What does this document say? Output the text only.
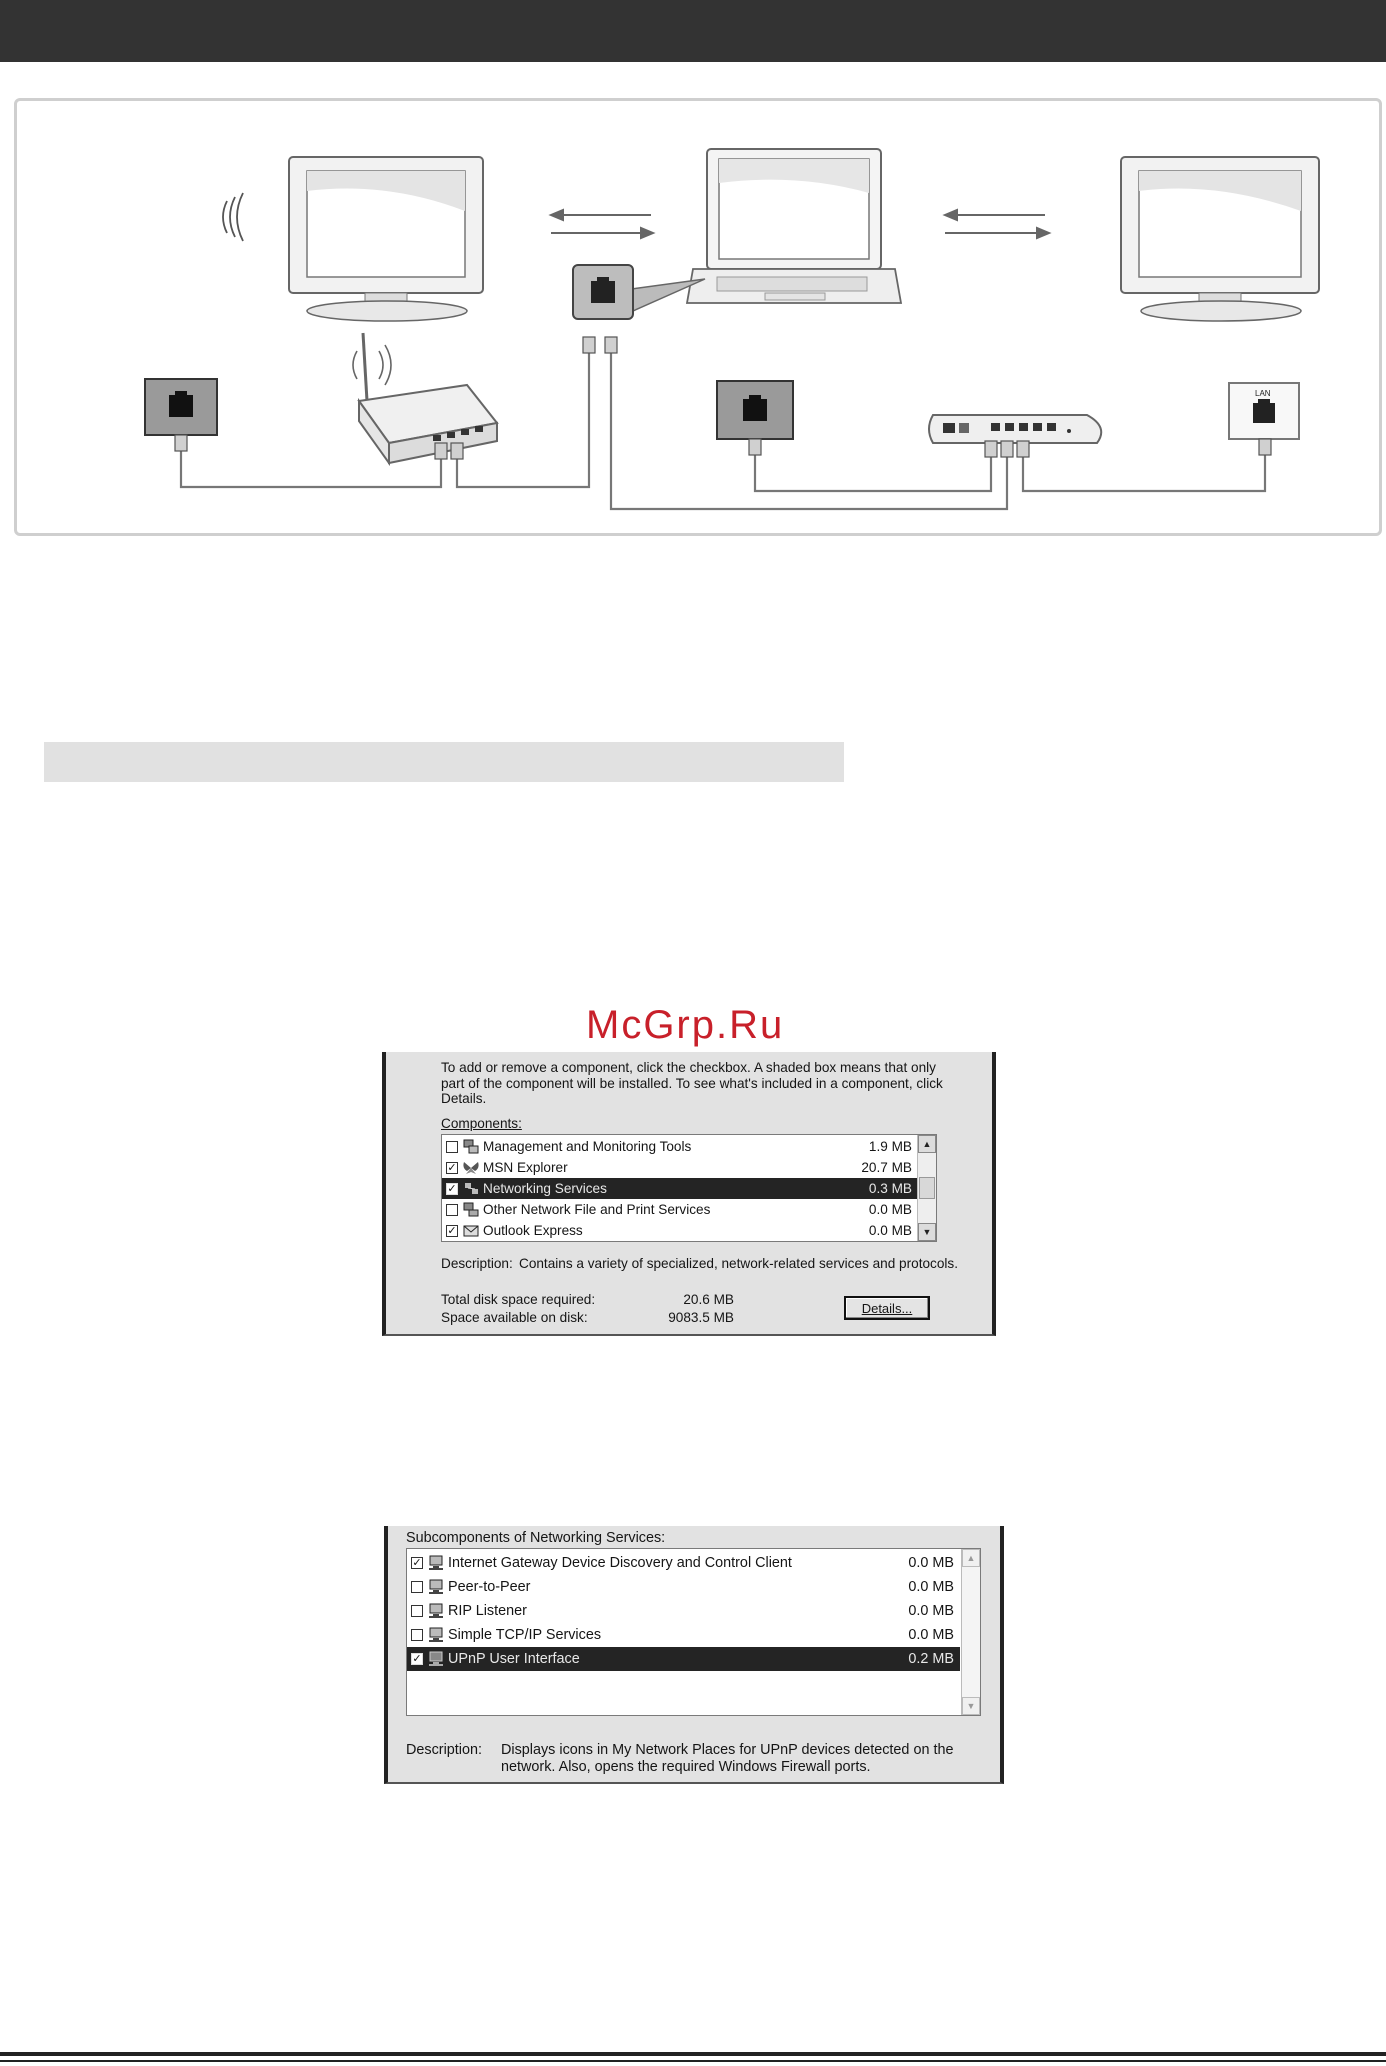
LAN
McGrp.Ru
To add or remove a component, click the checkbox. A shaded box means that only part of the component will be installed. To see what's included in a component, click Details.
Components:
Management and Monitoring Tools	1.9 MB
✓ MSN Explorer	20.7 MB
✓ Networking Services	0.3 MB
Other Network File and Print Services	0.0 MB
✓ Outlook Express	0.0 MB
▲
▼
Description: Contains a variety of specialized, network-related services and protocols.
Total disk space required:	20.6 MB
Space available on disk:	9083.5 MB
Details...
Subcomponents of Networking Services:
✓ Internet Gateway Device Discovery and Control Client	0.0 MB
Peer-to-Peer	0.0 MB
RIP Listener	0.0 MB
Simple TCP/IP Services	0.0 MB
✓ UPnP User Interface	0.2 MB
▲
▼
Description: Displays icons in My Network Places for UPnP devices detected on the network. Also, opens the required Windows Firewall ports.
